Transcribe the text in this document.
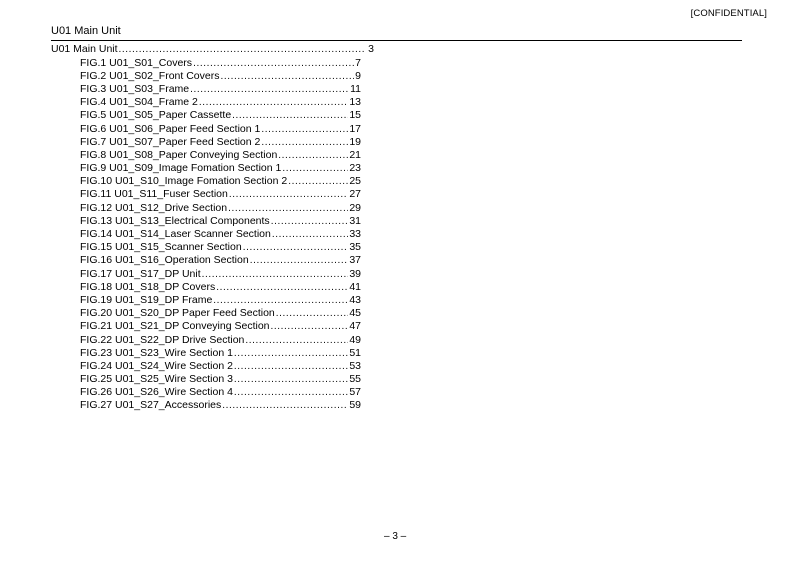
[CONFIDENTIAL]
U01 Main Unit
U01 Main Unit .....	3
FIG.1 U01_S01_Covers .....	7
FIG.2 U01_S02_Front Covers .....	9
FIG.3 U01_S03_Frame .....	11
FIG.4 U01_S04_Frame 2 .....	13
FIG.5 U01_S05_Paper Cassette .....	15
FIG.6 U01_S06_Paper Feed Section 1 .....	17
FIG.7 U01_S07_Paper Feed Section 2 .....	19
FIG.8 U01_S08_Paper Conveying Section .....	21
FIG.9 U01_S09_Image Fomation Section 1 .....	23
FIG.10 U01_S10_Image Fomation Section 2 .....	25
FIG.11 U01_S11_Fuser Section .....	27
FIG.12 U01_S12_Drive Section .....	29
FIG.13 U01_S13_Electrical Components .....	31
FIG.14 U01_S14_Laser Scanner Section .....	33
FIG.15 U01_S15_Scanner Section .....	35
FIG.16 U01_S16_Operation Section .....	37
FIG.17 U01_S17_DP Unit .....	39
FIG.18 U01_S18_DP Covers .....	41
FIG.19 U01_S19_DP Frame .....	43
FIG.20 U01_S20_DP Paper Feed Section .....	45
FIG.21 U01_S21_DP Conveying Section .....	47
FIG.22 U01_S22_DP Drive Section .....	49
FIG.23 U01_S23_Wire Section 1 .....	51
FIG.24 U01_S24_Wire Section 2 .....	53
FIG.25 U01_S25_Wire Section 3 .....	55
FIG.26 U01_S26_Wire Section 4 .....	57
FIG.27 U01_S27_Accessories .....	59
– 3 –
